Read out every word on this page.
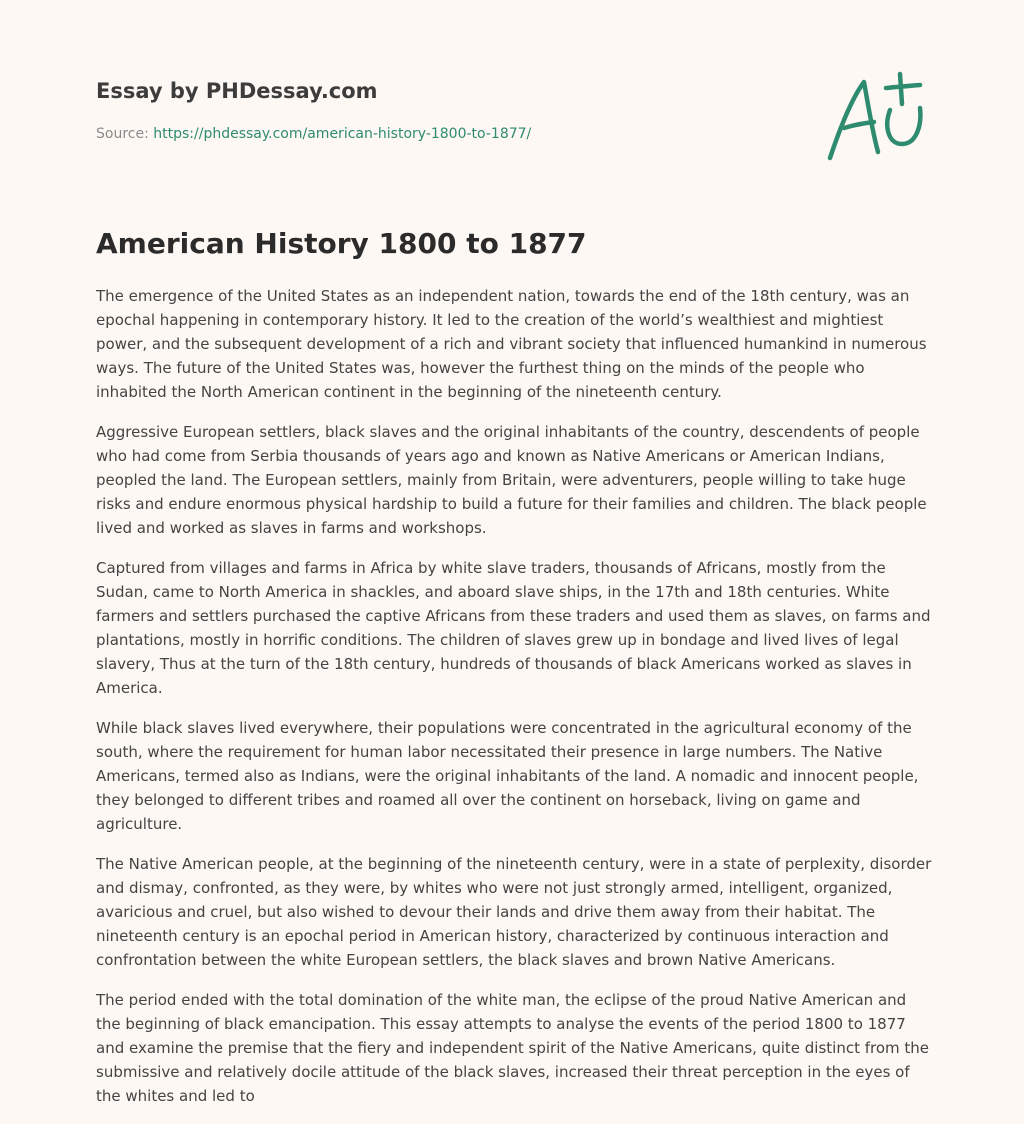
Essay by PHDessay.com
Source: https://phdessay.com/american-history-1800-to-1877/
American History 1800 to 1877

The emergence of the United States as an independent nation, towards the end of the 18th century, was an epochal happening in contemporary history. It led to the creation of the world’s wealthiest and mightiest power, and the subsequent development of a rich and vibrant society that influenced humankind in numerous ways. The future of the United States was, however the furthest thing on the minds of the people who inhabited the North American continent in the beginning of the nineteenth century.

Aggressive European settlers, black slaves and the original inhabitants of the country, descendents of people who had come from Serbia thousands of years ago and known as Native Americans or American Indians, peopled the land. The European settlers, mainly from Britain, were adventurers, people willing to take huge risks and endure enormous physical hardship to build a future for their families and children. The black people lived and worked as slaves in farms and workshops.

Captured from villages and farms in Africa by white slave traders, thousands of Africans, mostly from the Sudan, came to North America in shackles, and aboard slave ships, in the 17th and 18th centuries. White farmers and settlers purchased the captive Africans from these traders and used them as slaves, on farms and plantations, mostly in horrific conditions. The children of slaves grew up in bondage and lived lives of legal slavery, Thus at the turn of the 18th century, hundreds of thousands of black Americans worked as slaves in America.

While black slaves lived everywhere, their populations were concentrated in the agricultural economy of the south, where the requirement for human labor necessitated their presence in large numbers. The Native Americans, termed also as Indians, were the original inhabitants of the land. A nomadic and innocent people, they belonged to different tribes and roamed all over the continent on horseback, living on game and agriculture.

The Native American people, at the beginning of the nineteenth century, were in a state of perplexity, disorder and dismay, confronted, as they were, by whites who were not just strongly armed, intelligent, organized, avaricious and cruel, but also wished to devour their lands and drive them away from their habitat. The nineteenth century is an epochal period in American history, characterized by continuous interaction and confrontation between the white European settlers, the black slaves and brown Native Americans.

The period ended with the total domination of the white man, the eclipse of the proud Native American and the beginning of black emancipation. This essay attempts to analyse the events of the period 1800 to 1877 and examine the premise that the fiery and independent spirit of the Native Americans, quite distinct from the submissive and relatively docile attitude of the black slaves, increased their threat perception in the eyes of the whites and led to
